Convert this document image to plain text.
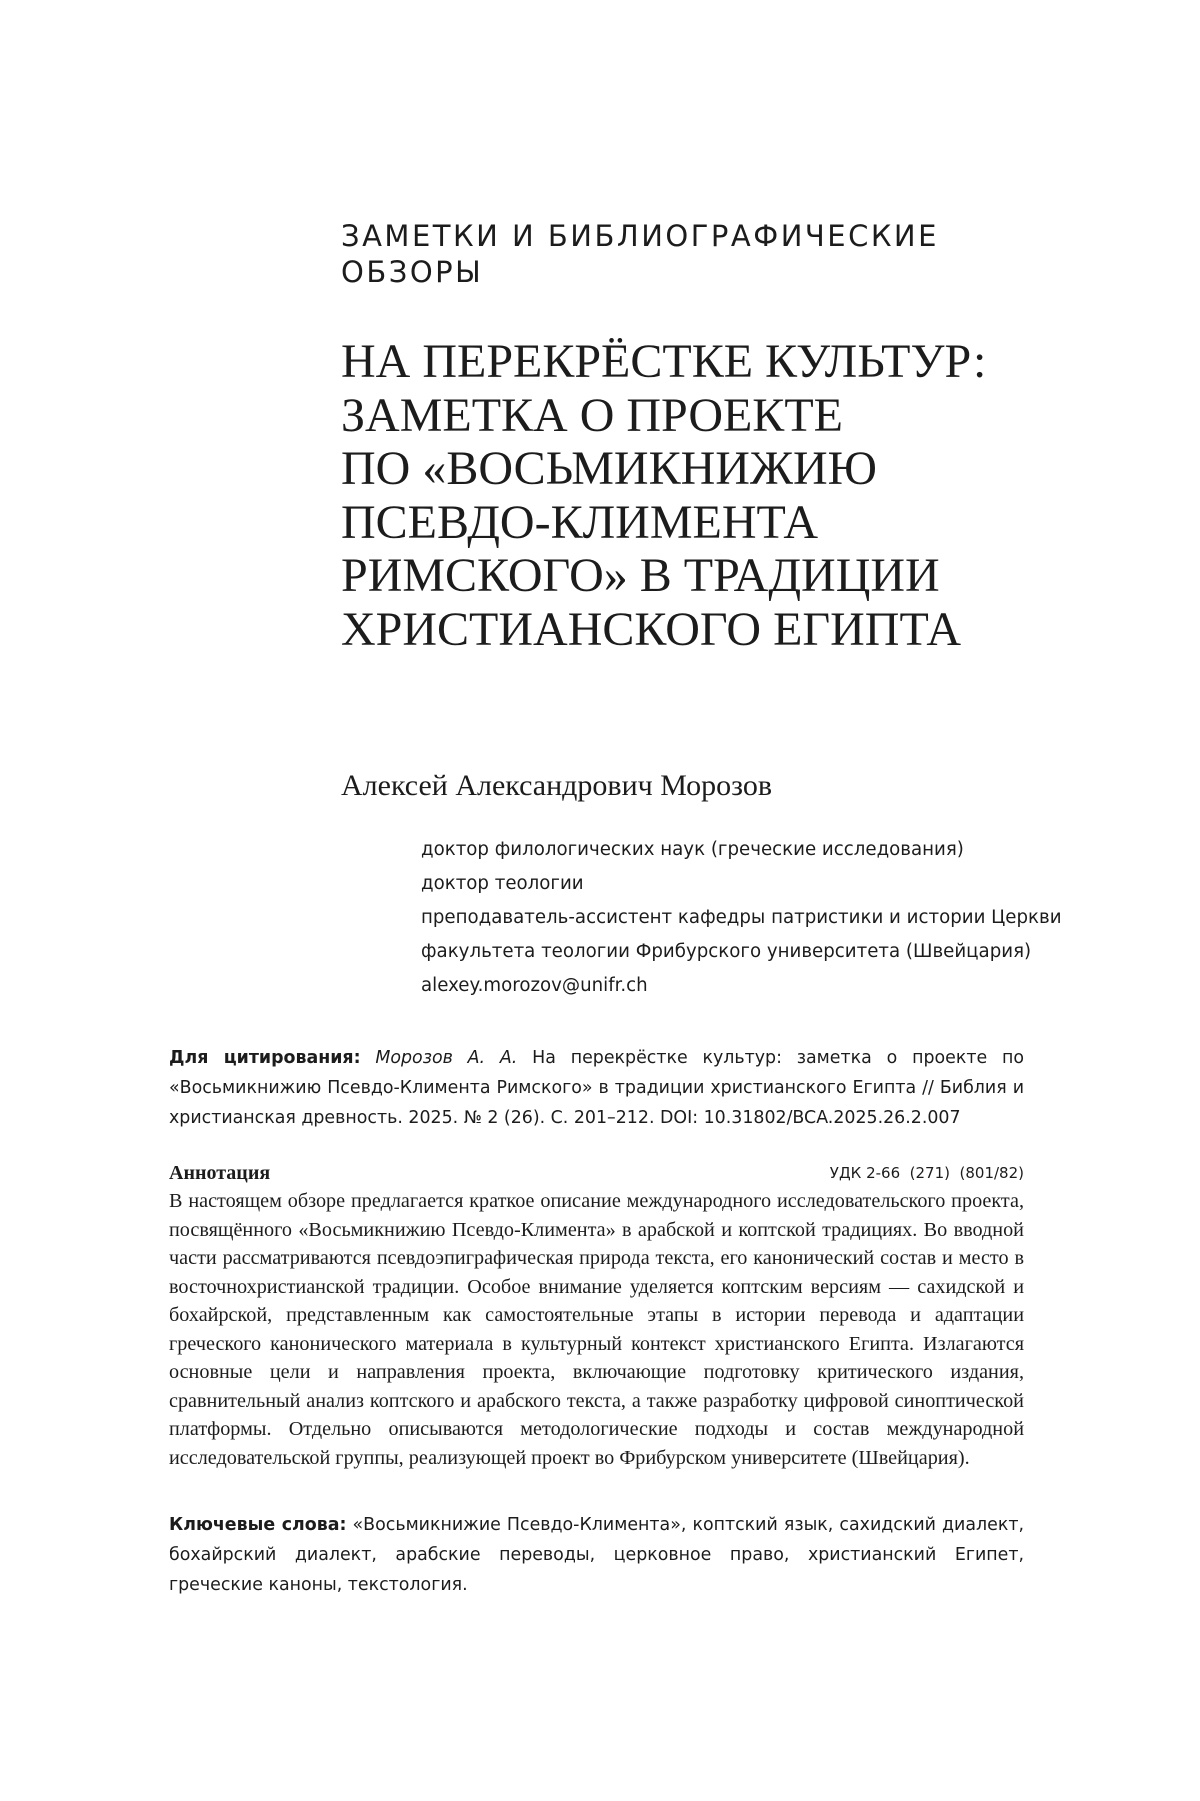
ЗАМЕТКИ И БИБЛИОГРАФИЧЕСКИЕ
ОБЗОРЫ
НА ПЕРЕКРЁСТКЕ КУЛЬТУР:
ЗАМЕТКА О ПРОЕКТЕ
ПО «ВОСЬМИКНИЖИЮ
ПСЕВДО-КЛИМЕНТА
РИМСКОГО» В ТРАДИЦИИ
ХРИСТИАНСКОГО ЕГИПТА

Алексей Александрович Морозов

доктор филологических наук (греческие исследования)
доктор теологии
преподаватель-ассистент кафедры патристики и истории Церкви
факультета теологии Фрибурского университета (Швейцария)
alexey.morozov@unifr.ch
Для цитирования: Морозов А. А. На перекрёстке культур: заметка о проекте по «Восьмикнижию Псевдо-Климента Римского» в традиции христианского Египта // Библия и христианская древность. 2025. № 2 (26). С. 201–212. DOI: 10.31802/BCA.2025.26.2.007
Аннотация	УДК 2-66  (271)  (801/82)

В настоящем обзоре предлагается краткое описание международного исследовательского проекта, посвящённого «Восьмикнижию Псевдо-Климента» в арабской и коптской традициях. Во вводной части рассматриваются псевдоэпиграфическая природа текста, его канонический состав и место в восточнохристианской традиции. Особое внимание уделяется коптским версиям — сахидской и бохайрской, представленным как самостоятельные этапы в истории перевода и адаптации греческого канонического материала в культурный контекст христианского Египта. Излагаются основные цели и направления проекта, включающие подготовку критического издания, сравнительный анализ коптского и арабского текста, а также разработку цифровой синоптической платформы. Отдельно описываются методологические подходы и состав международной исследовательской группы, реализующей проект во Фрибурском университете (Швейцария).

Ключевые слова: «Восьмикнижие Псевдо-Климента», коптский язык, сахидский диалект, бохайрский диалект, арабские переводы, церковное право, христианский Египет, греческие каноны, текстология.
